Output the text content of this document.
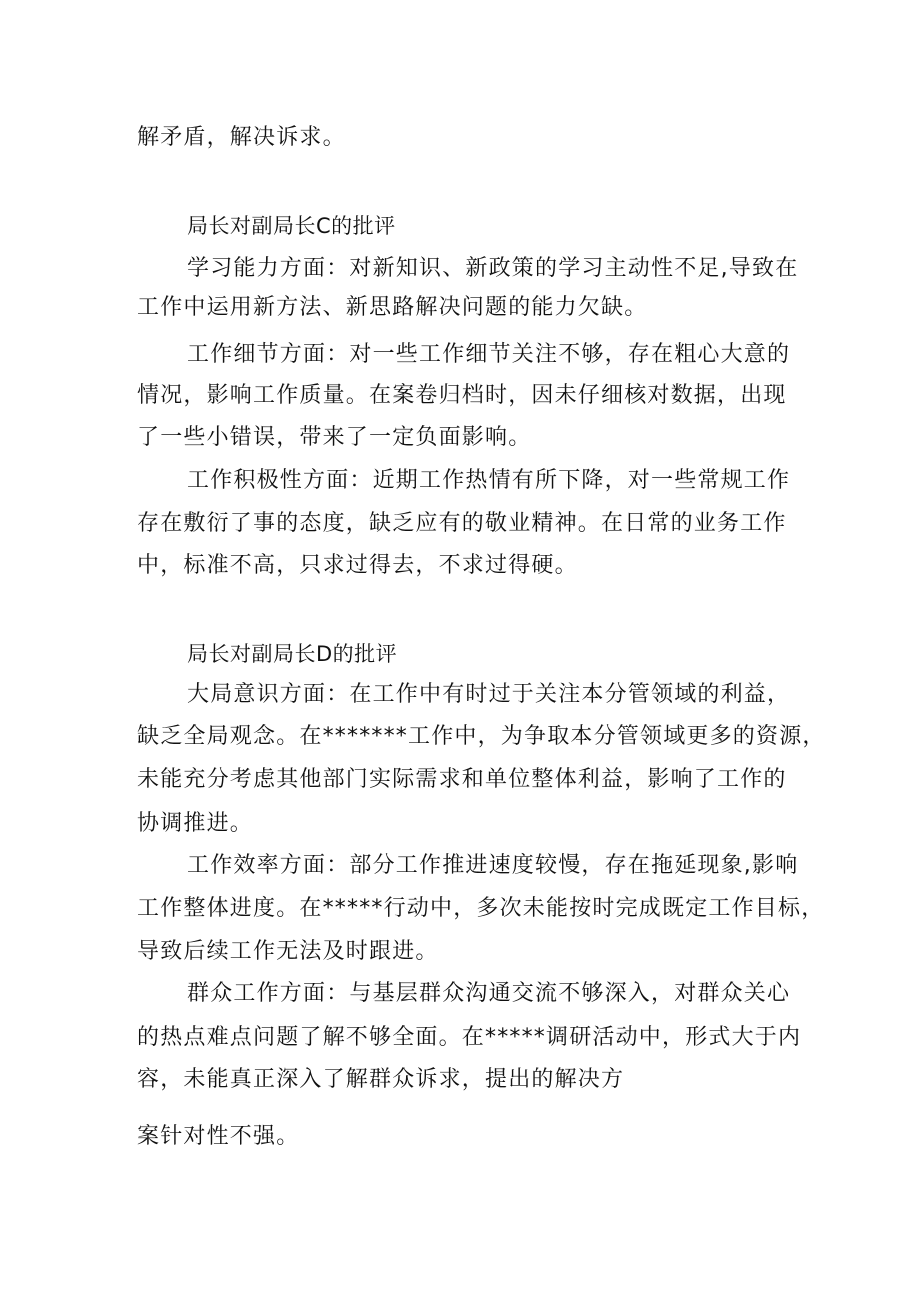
解矛盾，解决诉求。
局长对副局长C的批评
学习能力方面：对新知识、新政策的学习主动性不足,导致在
工作中运用新方法、新思路解决问题的能力欠缺。
工作细节方面：对一些工作细节关注不够，存在粗心大意的
情况，影响工作质量。在案卷归档时，因未仔细核对数据，出现
了一些小错误，带来了一定负面影响。
工作积极性方面：近期工作热情有所下降，对一些常规工作
存在敷衍了事的态度，缺乏应有的敬业精神。在日常的业务工作
中，标准不高，只求过得去，不求过得硬。
局长对副局长D的批评
大局意识方面：在工作中有时过于关注本分管领域的利益，
缺乏全局观念。在*******工作中，为争取本分管领域更多的资源，
未能充分考虑其他部门实际需求和单位整体利益，影响了工作的
协调推进。
工作效率方面：部分工作推进速度较慢，存在拖延现象,影响
工作整体进度。在*****行动中，多次未能按时完成既定工作目标，
导致后续工作无法及时跟进。
群众工作方面：与基层群众沟通交流不够深入，对群众关心
的热点难点问题了解不够全面。在*****调研活动中，形式大于内
容，未能真正深入了解群众诉求，提出的解决方
案针对性不强。
